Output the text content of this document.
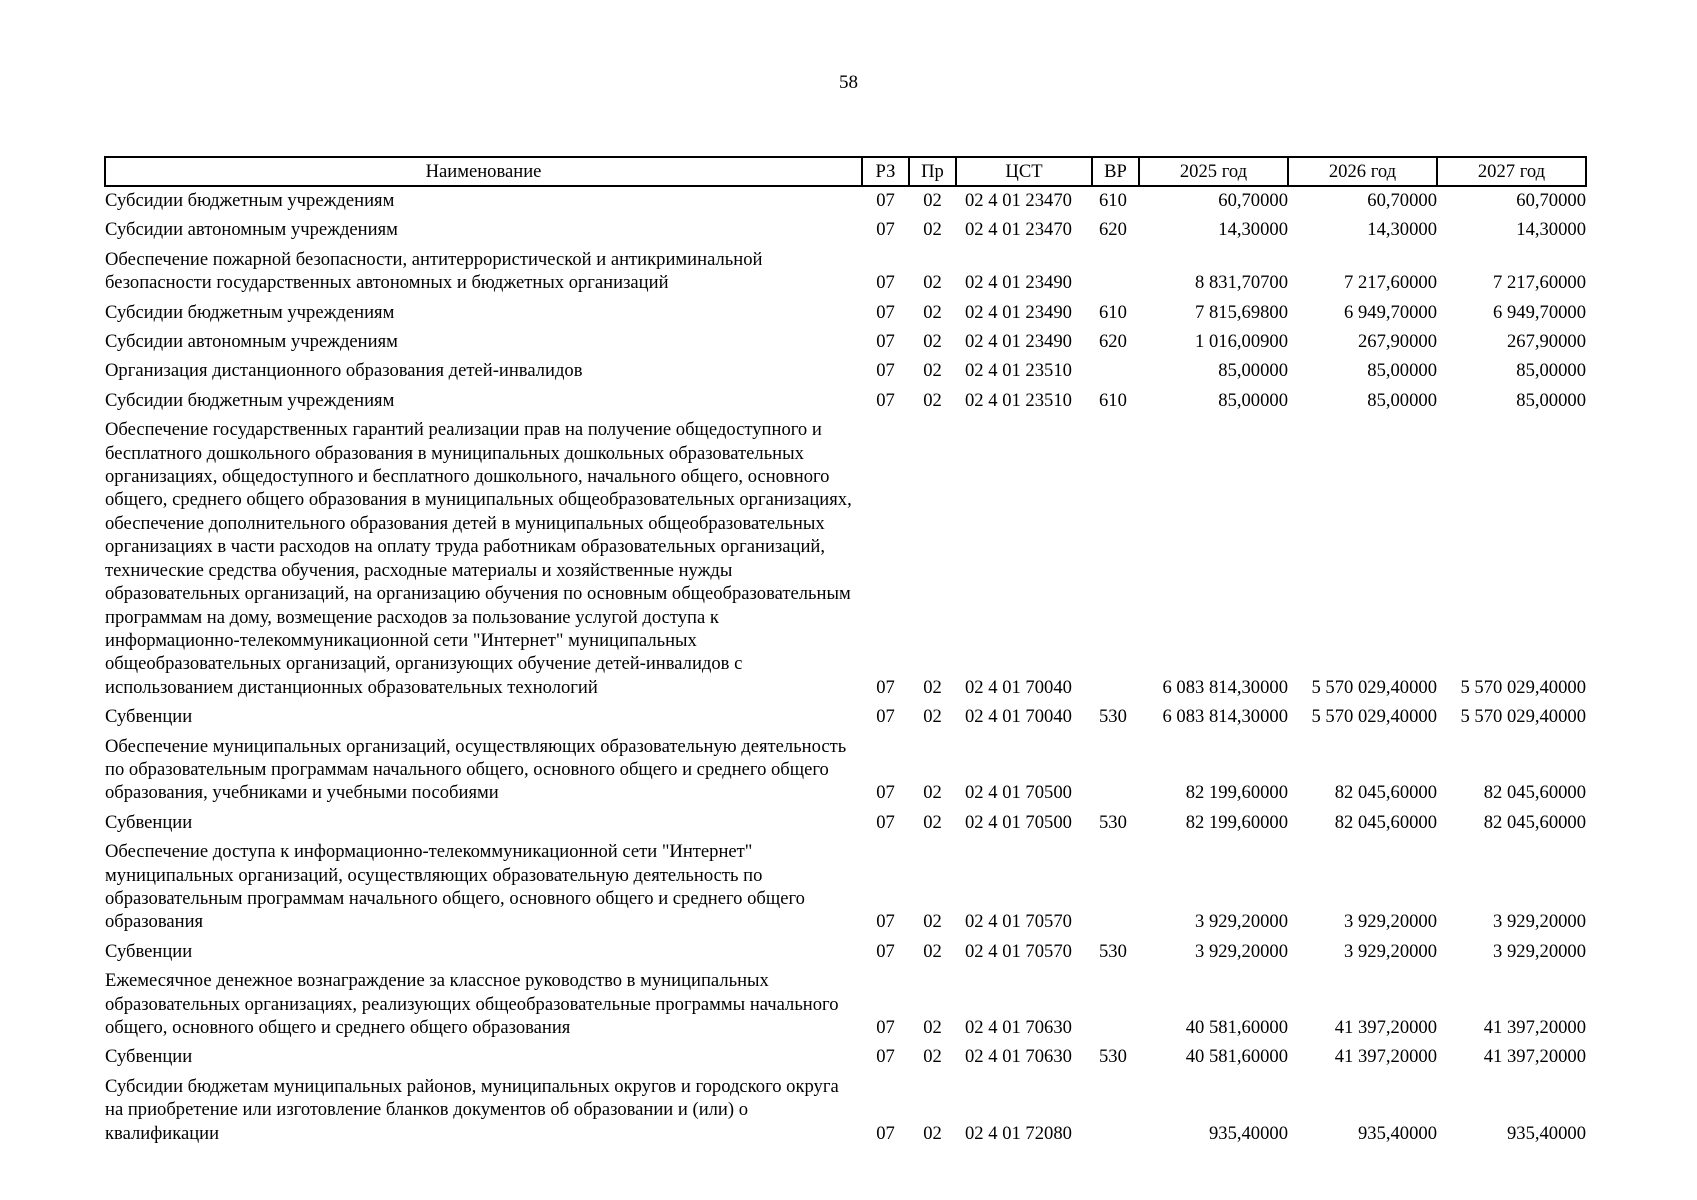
58
Наименование	РЗ	Пр	ЦСТ	ВР	2025 год	2026 год	2027 год
Субсидии бюджетным учреждениям	07	02	02 4 01 23470	610	60,70000	60,70000	60,70000
Субсидии автономным учреждениям	07	02	02 4 01 23470	620	14,30000	14,30000	14,30000
Обеспечение пожарной безопасности, антитеррористической и антикриминальной безопасности государственных автономных и бюджетных организаций	07	02	02 4 01 23490		8 831,70700	7 217,60000	7 217,60000
Субсидии бюджетным учреждениям	07	02	02 4 01 23490	610	7 815,69800	6 949,70000	6 949,70000
Субсидии автономным учреждениям	07	02	02 4 01 23490	620	1 016,00900	267,90000	267,90000
Организация дистанционного образования детей-инвалидов	07	02	02 4 01 23510		85,00000	85,00000	85,00000
Субсидии бюджетным учреждениям	07	02	02 4 01 23510	610	85,00000	85,00000	85,00000
Обеспечение государственных гарантий реализации прав на получение общедоступного и бесплатного дошкольного образования в муниципальных дошкольных образовательных организациях, общедоступного и бесплатного дошкольного, начального общего, основного общего, среднего общего образования в муниципальных общеобразовательных организациях, обеспечение дополнительного образования детей в муниципальных общеобразовательных организациях в части расходов на оплату труда работникам образовательных организаций, технические средства обучения, расходные материалы и хозяйственные нужды образовательных организаций, на организацию обучения по основным общеобразовательным программам на дому, возмещение расходов за пользование услугой доступа к информационно-телекоммуникационной сети "Интернет" муниципальных общеобразовательных организаций, организующих обучение детей-инвалидов с использованием дистанционных образовательных технологий	07	02	02 4 01 70040		6 083 814,30000	5 570 029,40000	5 570 029,40000
Субвенции	07	02	02 4 01 70040	530	6 083 814,30000	5 570 029,40000	5 570 029,40000
Обеспечение муниципальных организаций, осуществляющих образовательную деятельность по образовательным программам начального общего, основного общего и среднего общего образования, учебниками и учебными пособиями	07	02	02 4 01 70500		82 199,60000	82 045,60000	82 045,60000
Субвенции	07	02	02 4 01 70500	530	82 199,60000	82 045,60000	82 045,60000
Обеспечение доступа к информационно-телекоммуникационной сети "Интернет" муниципальных организаций, осуществляющих образовательную деятельность по образовательным программам начального общего, основного общего и среднего общего образования	07	02	02 4 01 70570		3 929,20000	3 929,20000	3 929,20000
Субвенции	07	02	02 4 01 70570	530	3 929,20000	3 929,20000	3 929,20000
Ежемесячное денежное вознаграждение за классное руководство в муниципальных образовательных организациях, реализующих общеобразовательные программы начального общего, основного общего и среднего общего образования	07	02	02 4 01 70630		40 581,60000	41 397,20000	41 397,20000
Субвенции	07	02	02 4 01 70630	530	40 581,60000	41 397,20000	41 397,20000
Субсидии бюджетам муниципальных районов, муниципальных округов и городского округа на приобретение или изготовление бланков документов об образовании и (или) о квалификации	07	02	02 4 01 72080		935,40000	935,40000	935,40000
